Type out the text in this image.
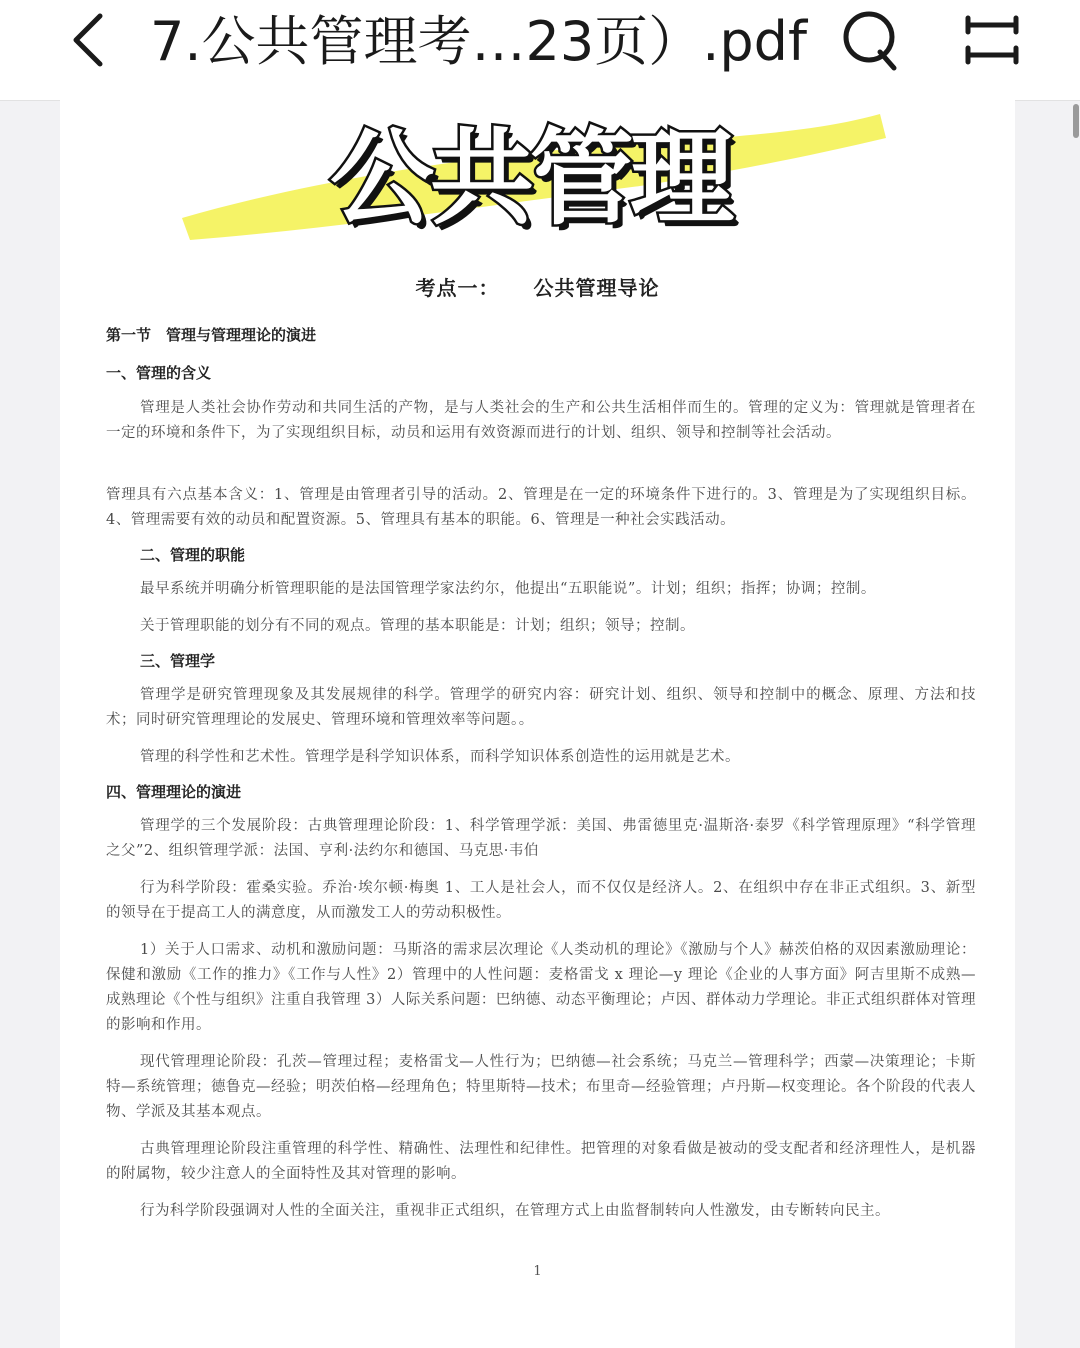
7.公共管理考…23页）.pdf
公共管理
考点一： 公共管理导论

第一节　管理与管理理论的演进

一、管理的含义

管理是人类社会协作劳动和共同生活的产物，是与人类社会的生产和公共生活相伴而生的。管理的定义为：管理就是管理者在一定的环境和条件下，为了实现组织目标，动员和运用有效资源而进行的计划、组织、领导和控制等社会活动。

管理具有六点基本含义：1、管理是由管理者引导的活动。2、管理是在一定的环境条件下进行的。3、管理是为了实现组织目标。4、管理需要有效的动员和配置资源。5、管理具有基本的职能。6、管理是一种社会实践活动。

二、管理的职能

最早系统并明确分析管理职能的是法国管理学家法约尔，他提出“五职能说”。计划；组织；指挥；协调；控制。

关于管理职能的划分有不同的观点。管理的基本职能是：计划；组织；领导；控制。

三、管理学

管理学是研究管理现象及其发展规律的科学。管理学的研究内容：研究计划、组织、领导和控制中的概念、原理、方法和技术；同时研究管理理论的发展史、管理环境和管理效率等问题。。

管理的科学性和艺术性。管理学是科学知识体系，而科学知识体系创造性的运用就是艺术。

四、管理理论的演进

管理学的三个发展阶段：古典管理理论阶段：1、科学管理学派：美国、弗雷德里克·温斯洛·泰罗《科学管理原理》“科学管理之父”2、组织管理学派：法国、亨利·法约尔和德国、马克思·韦伯

行为科学阶段：霍桑实验。乔治·埃尔顿·梅奥 1、工人是社会人，而不仅仅是经济人。2、在组织中存在非正式组织。3、新型的领导在于提高工人的满意度，从而激发工人的劳动积极性。

1）关于人口需求、动机和激励问题：马斯洛的需求层次理论《人类动机的理论》《激励与个人》赫茨伯格的双因素激励理论：保健和激励《工作的推力》《工作与人性》2）管理中的人性问题：麦格雷戈 x 理论—y 理论《企业的人事方面》阿吉里斯不成熟—成熟理论《个性与组织》注重自我管理 3）人际关系问题：巴纳德、动态平衡理论；卢因、群体动力学理论。非正式组织群体对管理的影响和作用。

现代管理理论阶段：孔茨—管理过程；麦格雷戈—人性行为；巴纳德—社会系统；马克兰—管理科学；西蒙—决策理论；卡斯特—系统管理；德鲁克—经验；明茨伯格—经理角色；特里斯特—技术；布里奇—经验管理；卢丹斯—权变理论。各个阶段的代表人物、学派及其基本观点。

古典管理理论阶段注重管理的科学性、精确性、法理性和纪律性。把管理的对象看做是被动的受支配者和经济理性人，是机器的附属物，较少注意人的全面特性及其对管理的影响。

行为科学阶段强调对人性的全面关注，重视非正式组织，在管理方式上由监督制转向人性激发，由专断转向民主。

1
